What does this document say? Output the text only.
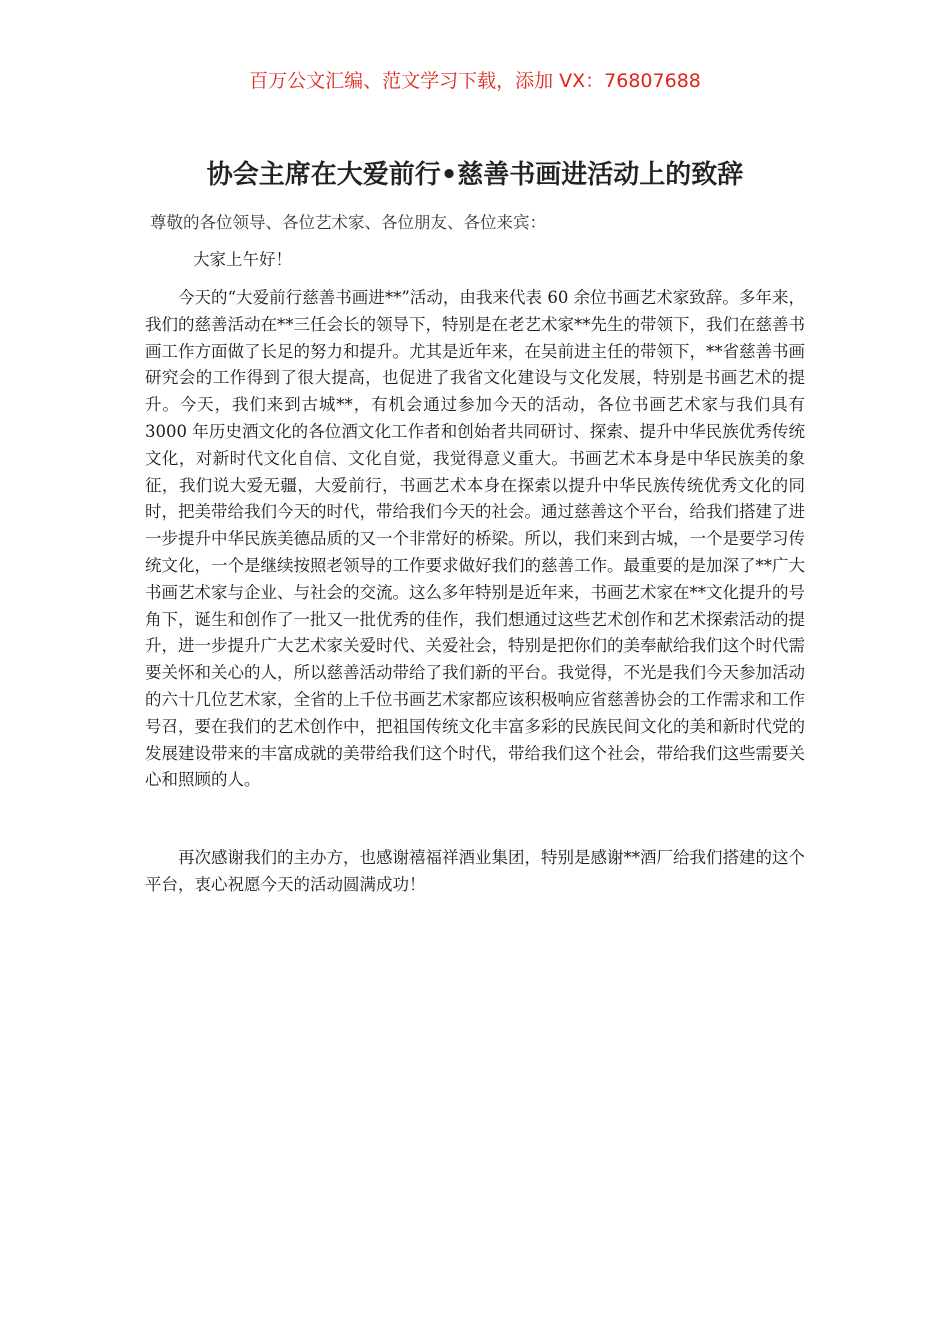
百万公文汇编、范文学习下载，添加 VX：76807688
协会主席在大爱前行•慈善书画进活动上的致辞

尊敬的各位领导、各位艺术家、各位朋友、各位来宾：

大家上午好！

今天的“大爱前行慈善书画进**”活动，由我来代表 60 余位书画艺术家致辞。多年来，我们的慈善活动在**三任会长的领导下，特别是在老艺术家**先生的带领下，我们在慈善书画工作方面做了长足的努力和提升。尤其是近年来，在吴前进主任的带领下，**省慈善书画研究会的工作得到了很大提高，也促进了我省文化建设与文化发展，特别是书画艺术的提升。今天，我们来到古城**，有机会通过参加今天的活动，各位书画艺术家与我们具有 3000 年历史酒文化的各位酒文化工作者和创始者共同研讨、探索、提升中华民族优秀传统文化，对新时代文化自信、文化自觉，我觉得意义重大。书画艺术本身是中华民族美的象征，我们说大爱无疆，大爱前行，书画艺术本身在探索以提升中华民族传统优秀文化的同时，把美带给我们今天的时代，带给我们今天的社会。通过慈善这个平台，给我们搭建了进一步提升中华民族美德品质的又一个非常好的桥梁。所以，我们来到古城，一个是要学习传统文化，一个是继续按照老领导的工作要求做好我们的慈善工作。最重要的是加深了**广大书画艺术家与企业、与社会的交流。这么多年特别是近年来，书画艺术家在**文化提升的号角下，诞生和创作了一批又一批优秀的佳作，我们想通过这些艺术创作和艺术探索活动的提升，进一步提升广大艺术家关爱时代、关爱社会，特别是把你们的美奉献给我们这个时代需要关怀和关心的人，所以慈善活动带给了我们新的平台。我觉得，不光是我们今天参加活动的六十几位艺术家，全省的上千位书画艺术家都应该积极响应省慈善协会的工作需求和工作号召，要在我们的艺术创作中，把祖国传统文化丰富多彩的民族民间文化的美和新时代党的发展建设带来的丰富成就的美带给我们这个时代，带给我们这个社会，带给我们这些需要关心和照顾的人。

再次感谢我们的主办方，也感谢禧福祥酒业集团，特别是感谢**酒厂给我们搭建的这个平台，衷心祝愿今天的活动圆满成功！
